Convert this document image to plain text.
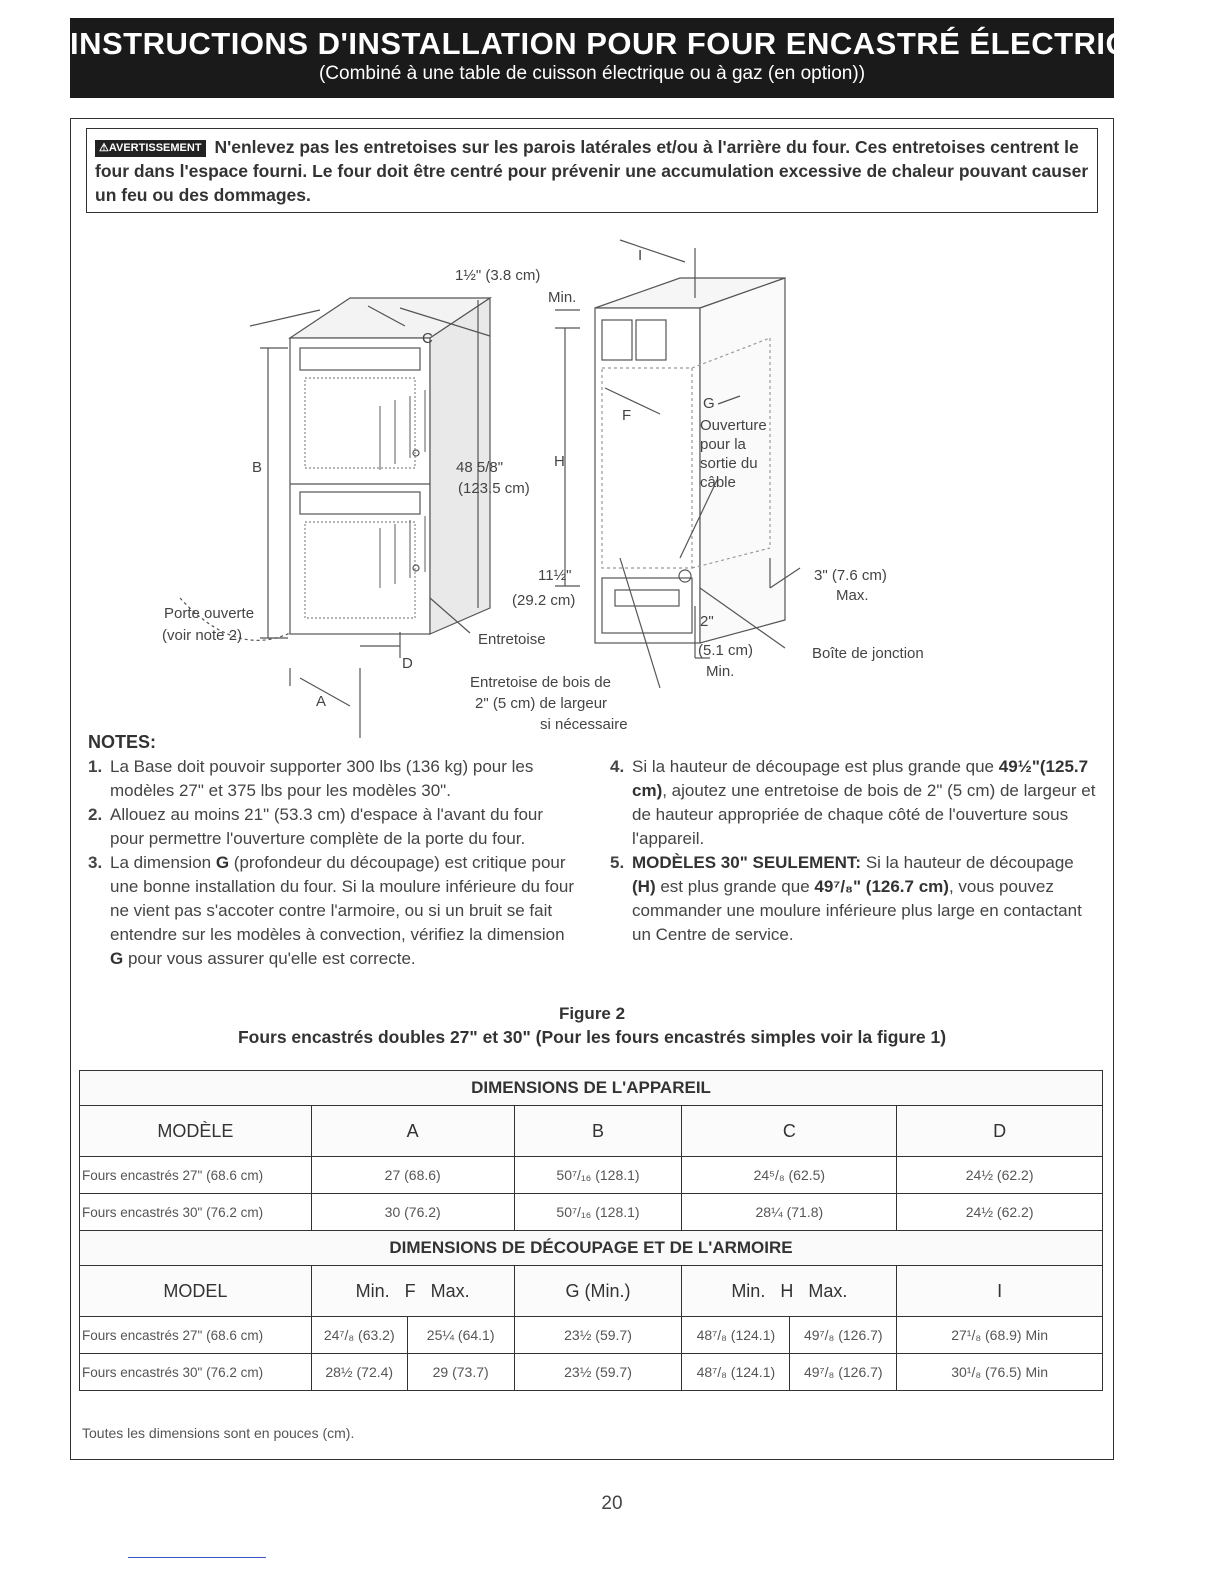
INSTRUCTIONS D'INSTALLATION POUR FOUR ENCASTRÉ ÉLECTRIQUE
(Combiné à une table de cuisson électrique ou à gaz (en option))
⚠AVERTISSEMENT N'enlevez pas les entretoises sur les parois latérales et/ou à l'arrière du four. Ces entretoises centrent le four dans l'espace fourni. Le four doit être centré pour prévenir une accumulation excessive de chaleur pouvant causer un feu ou des dommages.
B
C
D
A
1½" (3.8 cm)
Min.
48 5/8"
(123.5 cm)
H
11½"
(29.2 cm)
Porte ouverte
(voir note 2)	Entretoise
Entretoise de bois de
2" (5 cm) de largeur
si nécessaire
I
F
G
Ouverture
pour la
sortie du
câble
3" (7.6 cm)
Max.
2"
(5.1 cm)
Min.
Boîte de jonction
NOTES:

1. La Base doit pouvoir supporter 300 lbs (136 kg) pour les modèles 27" et 375 lbs pour les modèles 30".

2. Allouez au moins 21" (53.3 cm) d'espace à l'avant du four pour permettre l'ouverture complète de la porte du four.

3. La dimension G (profondeur du découpage) est critique pour une bonne installation du four. Si la moulure inférieure du four ne vient pas s'accoter contre l'armoire, ou si un bruit se fait entendre sur les modèles à convection, vérifiez la dimension G pour vous assurer qu'elle est correcte.

4. Si la hauteur de découpage est plus grande que 49½"(125.7 cm), ajoutez une entretoise de bois de 2" (5 cm) de largeur et de hauteur appropriée de chaque côté de l'ouverture sous l'appareil.

5. MODÈLES 30" SEULEMENT: Si la hauteur de découpage (H) est plus grande que 49⁷/₈" (126.7 cm), vous pouvez commander une moulure inférieure plus large en contactant un Centre de service.

Figure 2
Fours encastrés doubles 27" et 30" (Pour les fours encastrés simples voir la figure 1)
DIMENSIONS DE L'APPAREIL						
MODÈLE	A		B	C		D
Fours encastrés 27" (68.6 cm)	27 (68.6)		50⁷/₁₆ (128.1)	24⁵/₈ (62.5)		24½ (62.2)
Fours encastrés 30" (76.2 cm)	30 (76.2)		50⁷/₁₆ (128.1)	28¼ (71.8)		24½ (62.2)
DIMENSIONS DE DÉCOUPAGE ET DE L'ARMOIRE						
MODEL	Min.   F   Max.		G (Min.)	Min.   H   Max.		I
Fours encastrés 27" (68.6 cm)	24⁷/₈ (63.2)	25¼ (64.1)	23½ (59.7)	48⁷/₈ (124.1)	49⁷/₈ (126.7)	27¹/₈ (68.9) Min
Fours encastrés 30" (76.2 cm)	28½ (72.4)	29 (73.7)	23½ (59.7)	48⁷/₈ (124.1)	49⁷/₈ (126.7)	30¹/₈ (76.5) Min
Toutes les dimensions sont en pouces (cm).
20
